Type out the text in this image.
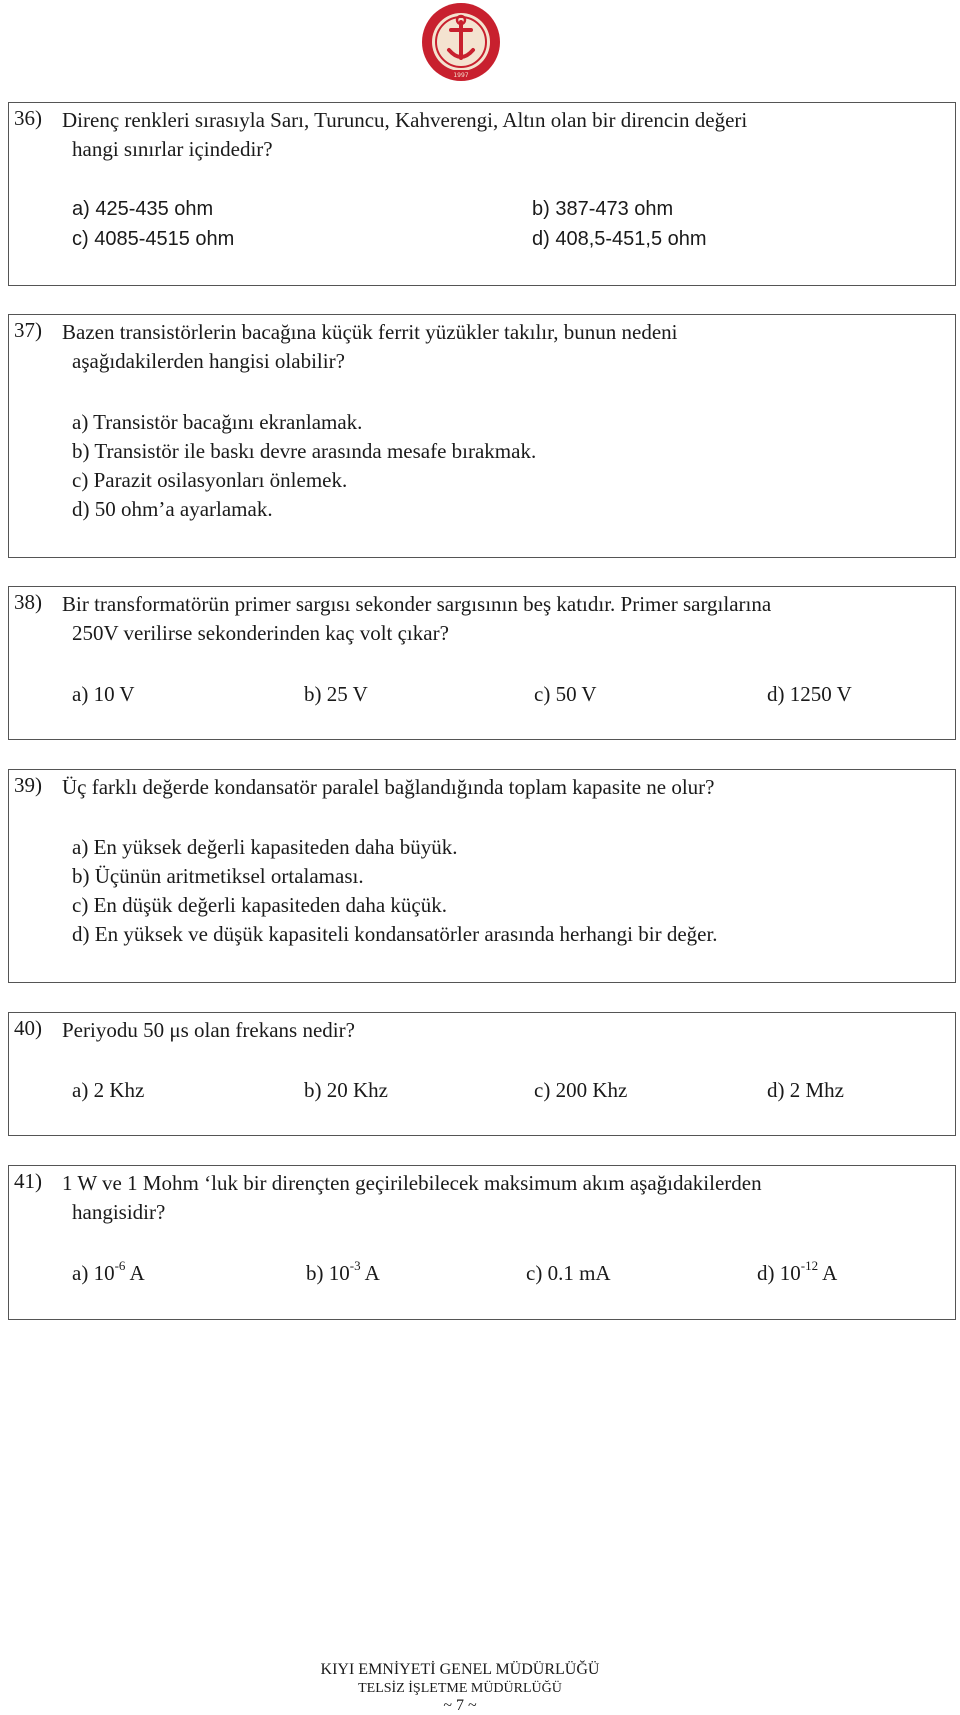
1997
36) Direnç renkleri sırasıyla Sarı, Turuncu, Kahverengi, Altın olan bir direncin değeri
hangi sınırlar içindedir?
a) 425-435 ohm	b) 387-473 ohm
c) 4085-4515 ohm	d) 408,5-451,5 ohm
37) Bazen transistörlerin bacağına küçük ferrit yüzükler takılır, bunun nedeni
aşağıdakilerden hangisi olabilir?
a) Transistör bacağını ekranlamak.
b) Transistör ile baskı devre arasında mesafe bırakmak.
c) Parazit osilasyonları önlemek.
d) 50 ohm’a ayarlamak.
38) Bir transformatörün primer sargısı sekonder sargısının beş katıdır. Primer sargılarına
250V verilirse sekonderinden kaç volt çıkar?
a) 10 V	b) 25 V	c) 50 V	d) 1250 V
39) Üç farklı değerde kondansatör paralel bağlandığında toplam kapasite ne olur?
a) En yüksek değerli kapasiteden daha büyük.
b) Üçünün aritmetiksel ortalaması.
c) En düşük değerli kapasiteden daha küçük.
d) En yüksek ve düşük kapasiteli kondansatörler arasında herhangi bir değer.
40) Periyodu 50 μs olan frekans nedir?
a) 2 Khz	b) 20 Khz	c) 200 Khz	d) 2 Mhz
41) 1 W ve 1 Mohm ‘luk bir dirençten geçirilebilecek maksimum akım aşağıdakilerden
hangisidir?
a) $10^{-6}$ A	b) $10^{-3}$ A	c) 0.1 mA	d) $10^{-12}$ A
KIYI EMNİYETİ GENEL MÜDÜRLÜĞÜ
TELSİZ İŞLETME MÜDÜRLÜĞÜ
~ 7 ~
